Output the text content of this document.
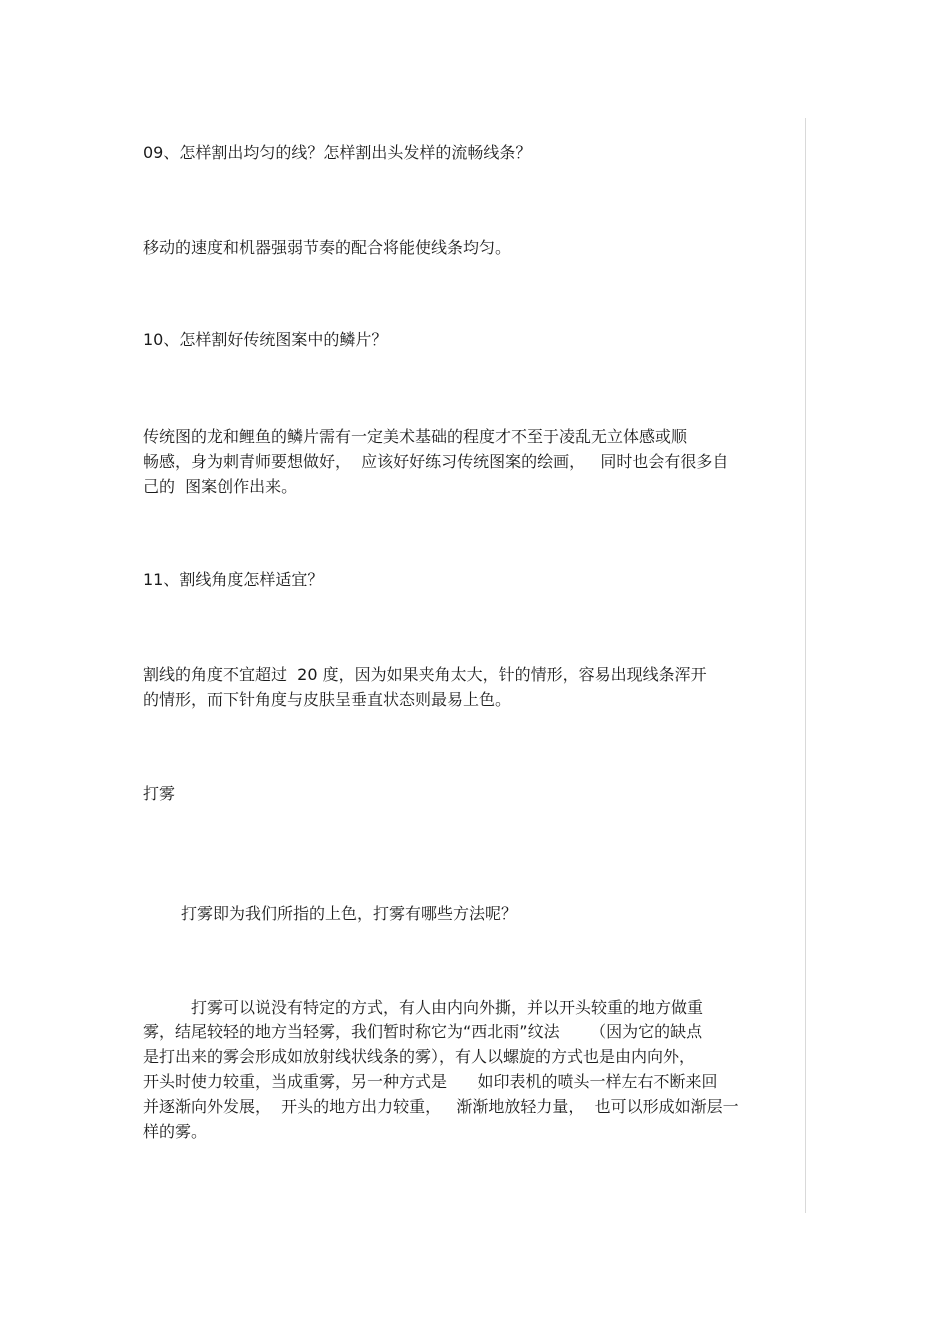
09、怎样割出均匀的线？怎样割出头发样的流畅线条？

移动的速度和机器强弱节奏的配合将能使线条均匀。

10、怎样割好传统图案中的鳞片？

传统图的龙和鲤鱼的鳞片需有一定美术基础的程度才不至于凌乱无立体感或顺

畅感，身为刺青师要想做好，  应该好好练习传统图案的绘画，   同时也会有很多自

己的  图案创作出来。

11、割线角度怎样适宜？

割线的角度不宜超过  20 度，因为如果夹角太大，针的情形，容易出现线条浑开

的情形，而下针角度与皮肤呈垂直状态则最易上色。

打雾

打雾即为我们所指的上色，打雾有哪些方法呢？

打雾可以说没有特定的方式，有人由内向外撕，并以开头较重的地方做重

雾，结尾较轻的地方当轻雾，我们暂时称它为“西北雨”纹法      （因为它的缺点

是打出来的雾会形成如放射线状线条的雾），有人以螺旋的方式也是由内向外，

开头时使力较重，当成重雾，另一种方式是      如印表机的喷头一样左右不断来回

并逐渐向外发展，  开头的地方出力较重，   渐渐地放轻力量，  也可以形成如渐层一

样的雾。
